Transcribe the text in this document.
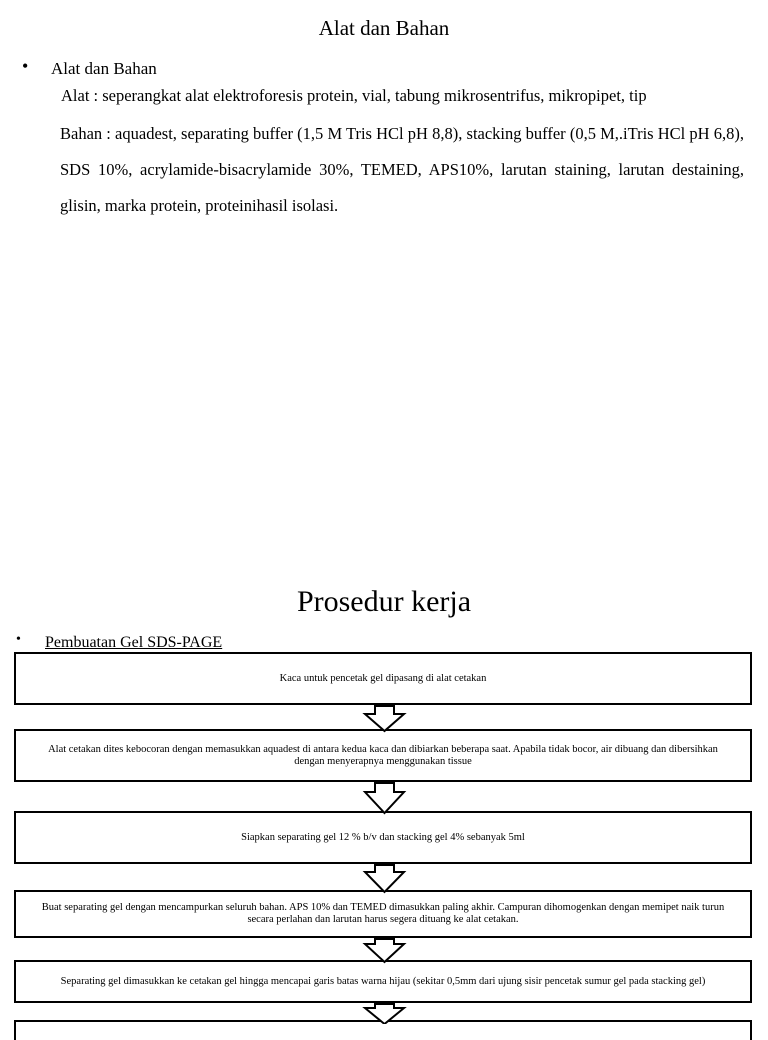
Alat dan Bahan
• Alat dan Bahan
Alat : seperangkat alat elektroforesis protein, vial, tabung mikrosentrifus, mikropipet, tip
Bahan : aquadest, separating buffer (1,5 M Tris HCl pH 8,8), stacking buffer (0,5 M,.iTris HCl pH 6,8), SDS 10%, acrylamide-bisacrylamide 30%, TEMED, APS10%, larutan staining, larutan destaining, glisin, marka protein, proteinihasil isolasi.
Prosedur kerja
• Pembuatan Gel SDS-PAGE
Kaca untuk pencetak gel dipasang di alat cetakan
Alat cetakan dites kebocoran dengan memasukkan aquadest di antara kedua kaca dan dibiarkan beberapa saat. Apabila tidak bocor, air dibuang dan dibersihkan dengan menyerapnya menggunakan tissue
Siapkan separating gel 12 % b/v dan stacking gel 4% sebanyak 5ml
Buat separating gel dengan mencampurkan seluruh bahan. APS 10% dan TEMED dimasukkan paling akhir. Campuran dihomogenkan dengan memipet naik turun secara perlahan dan larutan harus segera dituang ke alat cetakan.
Separating gel dimasukkan ke cetakan gel hingga mencapai garis batas warna hijau (sekitar 0,5mm dari ujung sisir pencetak sumur gel pada stacking gel)
